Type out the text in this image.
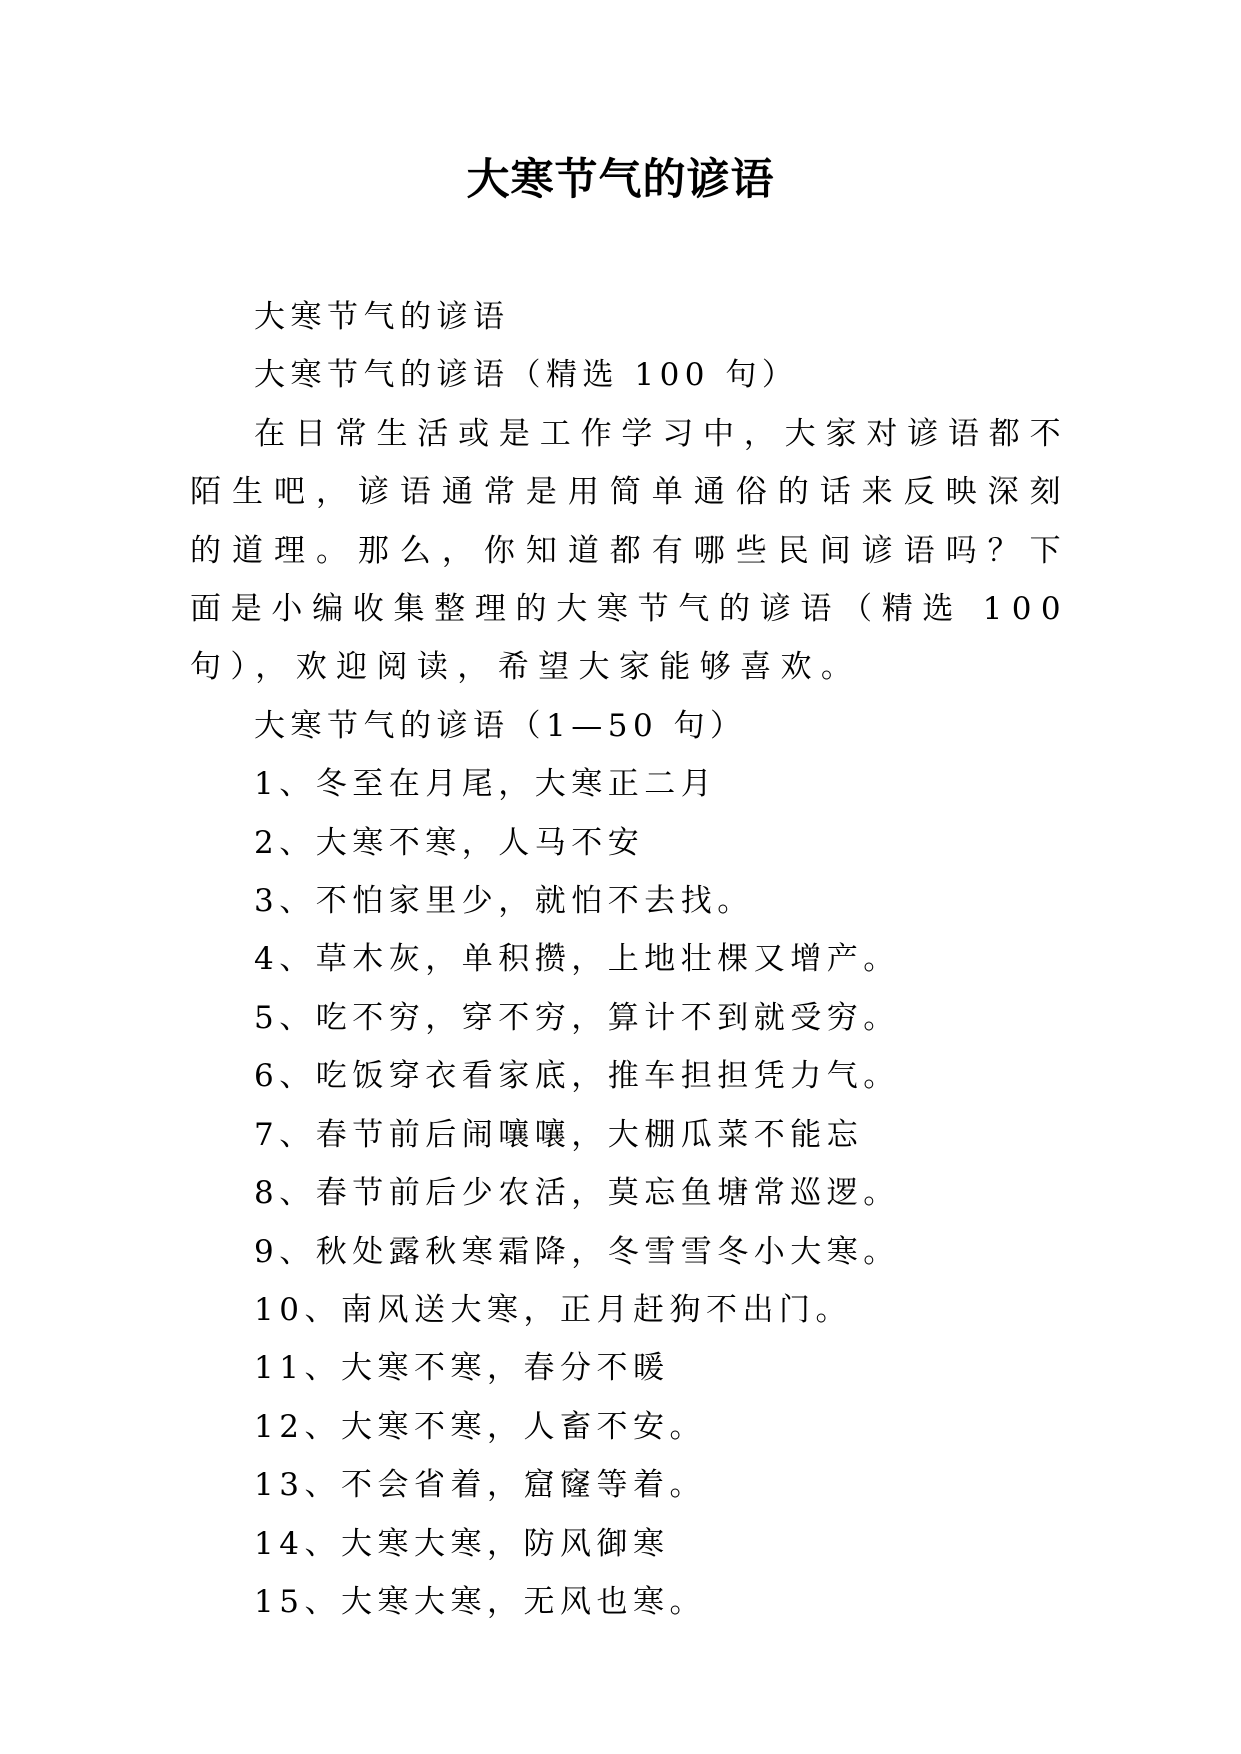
大寒节气的谚语

大寒节气的谚语

大寒节气的谚语（精选 100 句）

在日常生活或是工作学习中，大家对谚语都不陌生吧，谚语通常是用简单通俗的话来反映深刻的道理。那么，你知道都有哪些民间谚语吗？下面是小编收集整理的大寒节气的谚语（精选 100 句），欢迎阅读，希望大家能够喜欢。

大寒节气的谚语（1—50 句）

1、冬至在月尾，大寒正二月
2、大寒不寒，人马不安
3、不怕家里少，就怕不去找。
4、草木灰，单积攒，上地壮棵又增产。
5、吃不穷，穿不穷，算计不到就受穷。
6、吃饭穿衣看家底，推车担担凭力气。
7、春节前后闹嚷嚷，大棚瓜菜不能忘
8、春节前后少农活，莫忘鱼塘常巡逻。
9、秋处露秋寒霜降，冬雪雪冬小大寒。
10、南风送大寒，正月赶狗不出门。
11、大寒不寒，春分不暖
12、大寒不寒，人畜不安。
13、不会省着，窟窿等着。
14、大寒大寒，防风御寒
15、大寒大寒，无风也寒。
